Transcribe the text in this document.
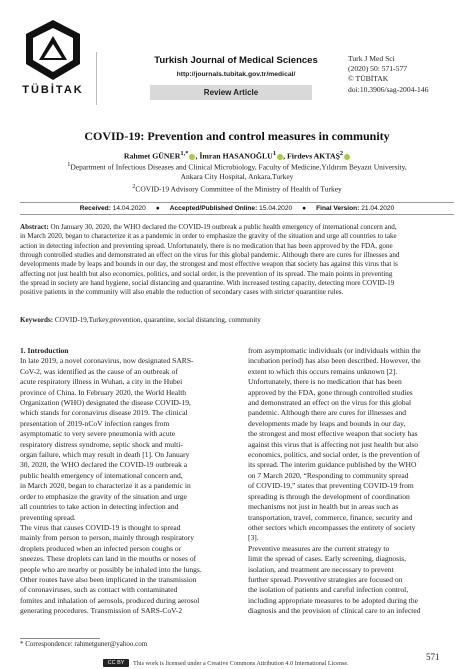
TÜBİTAK
Turkish Journal of Medical Sciences
http://journals.tubitak.gov.tr/medical/
Review Article
Turk J Med Sci
(2020) 50: 571-577
© TÜBİTAK
doi:10.3906/sag-2004-146
COVID-19: Prevention and control measures in community
Rahmet $GÜNER^{1,*}$ , İmran HASANOĞLU$^1$ , Firdevs AKTAŞ$^2$
$^1$Department of Infectious Diseases and Clinical Microbiology, Faculty of Medicine,Yıldırım Beyazıt University,
Ankara City Hospital, Ankara,Turkey
$^2$COVID-19 Advisory Committee of the Ministry of Health of Turkey
Received: 14.04.2020 ● Accepted/Published Online: 15.04.2020 ● Final Version: 21.04.2020
Abstract: On January 30, 2020, the WHO declared the COVID-19 outbreak a public health emergency of international concern and,
in March 2020, began to characterize it as a pandemic in order to emphasize the gravity of the situation and urge all countries to take
action in detecting infection and preventing spread. Unfortunately, there is no medication that has been approved by the FDA, gone
through controlled studies and demonstrated an effect on the virus for this global pandemic. Although there are cures for illnesses and
developments made by leaps and bounds in our day, the strongest and most effective weapon that society has against this virus that is
affecting not just health but also economics, politics, and social order, is the prevention of its spread. The main points in preventing
the spread in society are hand hygiene, social distancing and quarantine. With increased testing capacity, detecting more COVID-19
positive patients in the community will also enable the reduction of secondary cases with stricter quarantine rules.
Keywords: COVID-19,Turkey,prevention, quarantine, social distancing, community
1. Introduction
In late 2019, a novel coronavirus, now designated SARS-
CoV-2, was identified as the cause of an outbreak of
acute respiratory illness in Wuhan, a city in the Hubei
province of China. In February 2020, the World Health
Organization (WHO) designated the disease COVID-19,
which stands for coronavirus disease 2019. The clinical
presentation of 2019-nCoV infection ranges from
asymptomatic to very severe pneumonia with acute
respiratory distress syndrome, septic shock and multi-
organ failure, which may result in death [1]. On January
30, 2020, the WHO declared the COVID-19 outbreak a
public health emergency of international concern and,
in March 2020, began to characterize it as a pandemic in
order to emphasize the gravity of the situation and urge
all countries to take action in detecting infection and
preventing spread.
The virus that causes COVID-19 is thought to spread
mainly from person to person, mainly through respiratory
droplets produced when an infected person coughs or
sneezes. These droplets can land in the mouths or noses of
people who are nearby or possibly be inhaled into the lungs.
Other routes have also been implicated in the transmission
of coronaviruses, such as contact with contaminated
fomites and inhalation of aerosols, produced during aerosol
generating procedures. Transmission of SARS-CoV-2
from asymptomatic individuals (or individuals within the
incubation period) has also been described. However, the
extent to which this occurs remains unknown [2].
Unfortunately, there is no medication that has been
approved by the FDA, gone through controlled studies
and demonstrated an effect on the virus for this global
pandemic. Although there are cures for illnesses and
developments made by leaps and bounds in our day,
the strongest and most effective weapon that society has
against this virus that is affecting not just health but also
economics, politics, and social order, is the prevention of
its spread. The interim guidance published by the WHO
on 7 March 2020, “Responding to community spread
of COVID-19,” states that preventing COVID-19 from
spreading is through the development of coordination
mechanisms not just in health but in areas such as
transportation, travel, commerce, finance, security and
other sectors which encompasses the entirety of society
[3].
Preventive measures are the current strategy to
limit the spread of cases. Early screening, diagnosis,
isolation, and treatment are necessary to prevent
further spread. Preventive strategies are focused on
the isolation of patients and careful infection control,
including appropriate measures to be adopted during the
diagnosis and the provision of clinical care to an infected
* Correspondence: rahmetguner@yahoo.com
571
CC BY	This work is licensed under a Creative Commons Attribution 4.0 International License.
